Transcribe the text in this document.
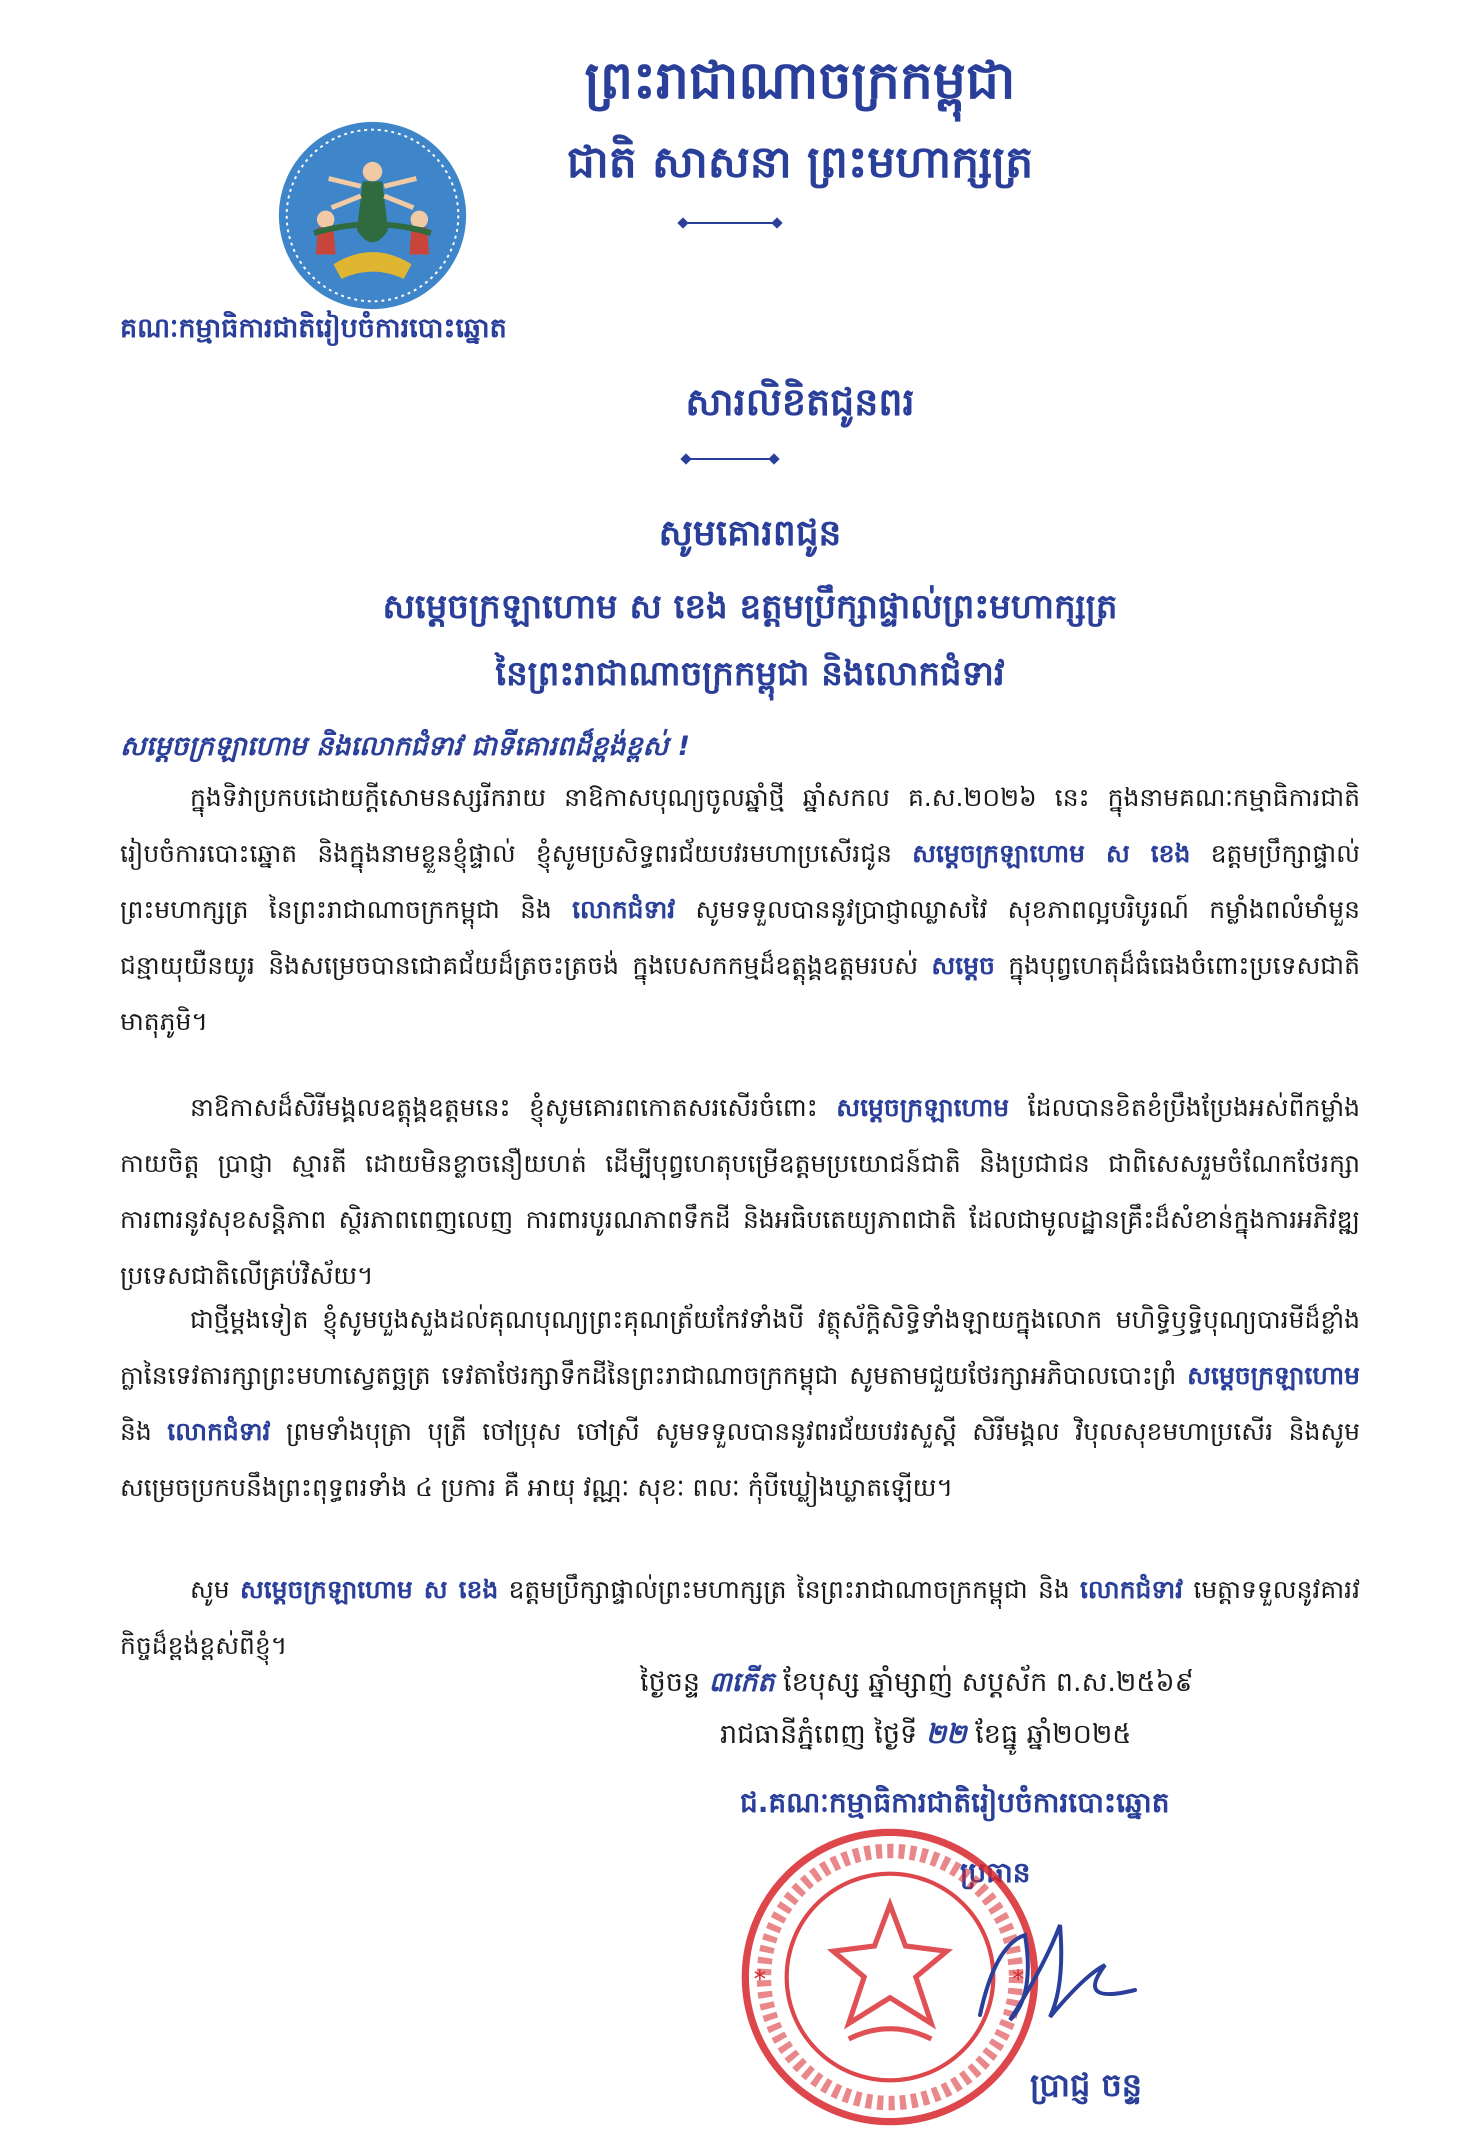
ព្រះរាជាណាចក្រកម្ពុជា
ជាតិ សាសនា ព្រះមហាក្សត្រ
គណៈកម្មាធិការជាតិរៀបចំការបោះឆ្នោត
សារលិខិតជូនពរ
សូមគោរពជូន
សម្តេចក្រឡាហោម ស ខេង ឧត្តមប្រឹក្សាផ្ទាល់ព្រះមហាក្សត្រ
នៃព្រះរាជាណាចក្រកម្ពុជា និងលោកជំទាវ
សម្តេចក្រឡាហោម និងលោកជំទាវ ជាទីគោរពដ៏ខ្ពង់ខ្ពស់ !
ក្នុងទិវាប្រកបដោយក្តីសោមនស្សរីករាយ នាឱកាសបុណ្យចូលឆ្នាំថ្មី ឆ្នាំសកល គ.ស.២០២៦ នេះ ក្នុងនាមគណៈកម្មាធិការជាតិរៀបចំការបោះឆ្នោត និងក្នុងនាមខ្លួនខ្ញុំផ្ទាល់ ខ្ញុំសូមប្រសិទ្ធពរជ័យបវរមហាប្រសើរជូន សម្តេចក្រឡាហោម ស ខេង ឧត្តមប្រឹក្សាផ្ទាល់ព្រះមហាក្សត្រ នៃព្រះរាជាណាចក្រកម្ពុជា និង លោកជំទាវ សូមទទួលបាននូវប្រាជ្ញាឈ្លាសវៃ សុខភាពល្អបរិបូរណ៍ កម្លាំងពលំមាំមួន ជន្មាយុយឺនយូរ និងសម្រេចបានជោគជ័យដ៏ត្រចះត្រចង់ ក្នុងបេសកកម្មដ៏ឧត្តុង្គឧត្តមរបស់ សម្តេច ក្នុងបុព្វហេតុដ៏ធំធេងចំពោះប្រទេសជាតិមាតុភូមិ។
នាឱកាសដ៏សិរីមង្គលឧត្តុង្គឧត្តមនេះ ខ្ញុំសូមគោរពកោតសរសើរចំពោះ សម្តេចក្រឡាហោម ដែលបានខិតខំប្រឹងប្រែងអស់ពីកម្លាំងកាយចិត្ត ប្រាជ្ញា ស្មារតី ដោយមិនខ្លាចនឿយហត់ ដើម្បីបុព្វហេតុបម្រើឧត្តមប្រយោជន៍ជាតិ និងប្រជាជន ជាពិសេសរួមចំណែកថែរក្សាការពារនូវសុខសន្តិភាព ស្ថិរភាពពេញលេញ ការពារបូរណភាពទឹកដី និងអធិបតេយ្យភាពជាតិ ដែលជាមូលដ្ឋានគ្រឹះដ៏សំខាន់ក្នុងការអភិវឌ្ឍប្រទេសជាតិលើគ្រប់វិស័យ។
ជាថ្មីម្តងទៀត ខ្ញុំសូមបួងសួងដល់គុណបុណ្យព្រះគុណត្រ័យកែវទាំងបី វត្ថុស័ក្តិសិទ្ធិទាំងឡាយក្នុងលោក មហិទ្ធិឫទ្ធិបុណ្យបារមីដ៏ខ្លាំងក្លានៃទេវតារក្សាព្រះមហាស្វេតច្ឆត្រ ទេវតាថែរក្សាទឹកដីនៃព្រះរាជាណាចក្រកម្ពុជា សូមតាមជួយថែរក្សាអភិបាលបោះព្រំ សម្តេចក្រឡាហោម និង លោកជំទាវ ព្រមទាំងបុត្រា បុត្រី ចៅប្រុស ចៅស្រី សូមទទួលបាននូវពរជ័យបវរសួស្តី សិរីមង្គល វិបុលសុខមហាប្រសើរ និងសូមសម្រេចប្រកបនឹងព្រះពុទ្ធពរទាំង ៤ ប្រការ គឺ អាយុ វណ្ណៈ សុខៈ ពលៈ កុំបីឃ្លៀងឃ្លាតឡើយ។
សូម សម្តេចក្រឡាហោម ស ខេង ឧត្តមប្រឹក្សាផ្ទាល់ព្រះមហាក្សត្រ នៃព្រះរាជាណាចក្រកម្ពុជា និង លោកជំទាវ មេត្តាទទួលនូវគារវកិច្ចដ៏ខ្ពង់ខ្ពស់ពីខ្ញុំ។
ថ្ងៃចន្ទ ៣កើត ខែបុស្ស ឆ្នាំម្សាញ់ សប្តស័ក ព.ស.២៥៦៩
រាជធានីភ្នំពេញ ថ្ងៃទី ២២ ខែធ្នូ ឆ្នាំ២០២៥
ជ.គណៈកម្មាធិការជាតិរៀបចំការបោះឆ្នោត
ប្រធាន
*	*
ប្រាជ្ញ ចន្ទ
